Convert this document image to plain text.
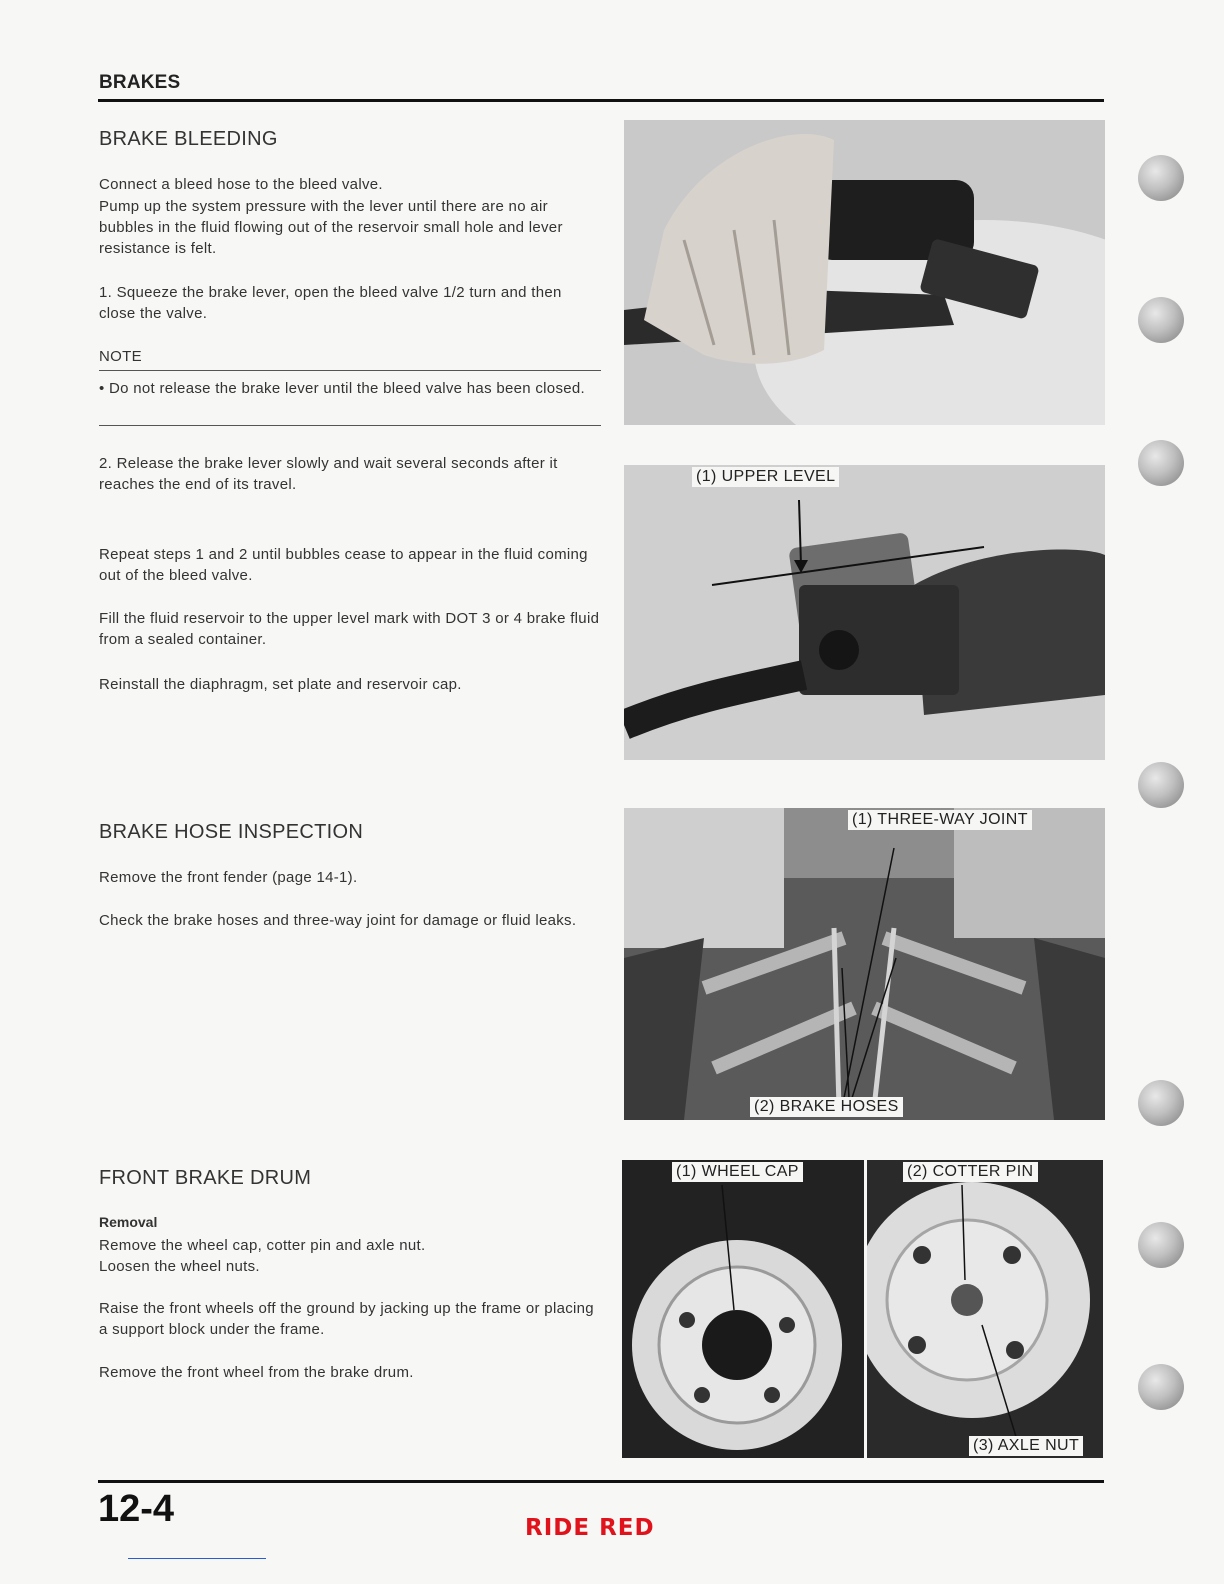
BRAKES
BRAKE BLEEDING

Connect a bleed hose to the bleed valve.

Pump up the system pressure with the lever until there are no air bubbles in the fluid flowing out of the reservoir small hole and lever resistance is felt.

1. Squeeze the brake lever, open the bleed valve 1/2 turn and then close the valve.

NOTE

• Do not release the brake lever until the bleed valve has been closed.

2. Release the brake lever slowly and wait several seconds after it reaches the end of its travel.

Repeat steps 1 and 2 until bubbles cease to appear in the fluid coming out of the bleed valve.

Fill the fluid reservoir to the upper level mark with DOT 3 or 4 brake fluid from a sealed container.

Reinstall the diaphragm, set plate and reservoir cap.

BRAKE HOSE INSPECTION

Remove the front fender (page 14-1).

Check the brake hoses and three-way joint for damage or fluid leaks.

FRONT BRAKE DRUM
Removal

Remove the wheel cap, cotter pin and axle nut.

Loosen the wheel nuts.

Raise the front wheels off the ground by jacking up the frame or placing a support block under the frame.

Remove the front wheel from the brake drum.

(1) UPPER LEVEL
(1) THREE-WAY JOINT
(2) BRAKE HOSES
(1) WHEEL CAP	(2) COTTER PIN
(3) AXLE NUT
12-4	RIDE RED
